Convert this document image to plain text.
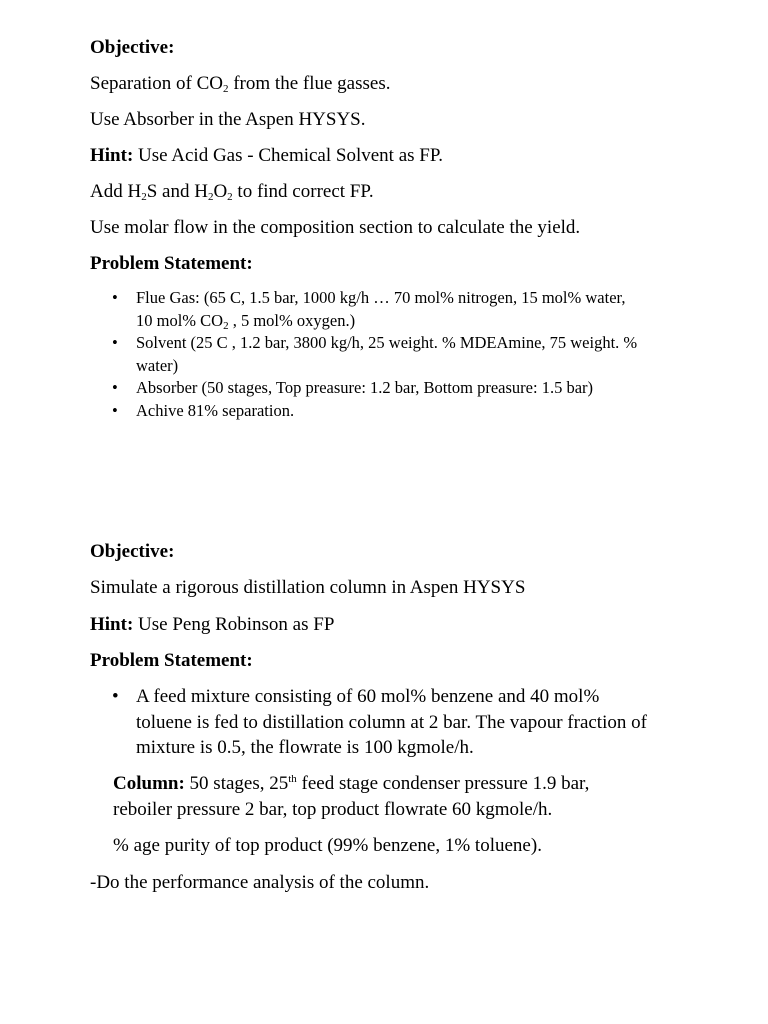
Objective:

Separation of $CO_2$ from the flue gasses.

Use Absorber in the Aspen HYSYS.

Hint: Use Acid Gas - Chemical Solvent as FP.

Add $H_2S$ and $H_2O_2$ to find correct FP.

Use molar flow in the composition section to calculate the yield.

Problem Statement:

• Flue Gas: (65 C, 1.5 bar, 1000 kg/h … 70 mol% nitrogen, 15 mol% water,
10 mol% $CO_2$ , 5 mol% oxygen.)
• Solvent (25 C , 1.2 bar, 3800 kg/h, 25 weight. % MDEAmine, 75 weight. %
water)
• Absorber (50 stages, Top preasure: 1.2 bar, Bottom preasure: 1.5 bar)
• Achive 81% separation.

Objective:

Simulate a rigorous distillation column in Aspen HYSYS

Hint: Use Peng Robinson as FP

Problem Statement:

• A feed mixture consisting of 60 mol% benzene and 40 mol%
toluene is fed to distillation column at 2 bar. The vapour fraction of
mixture is 0.5, the flowrate is 100 kgmole/h.

Column: 50 stages, 25th feed stage condenser pressure 1.9 bar,

reboiler pressure 2 bar, top product flowrate 60 kgmole/h.

% age purity of top product (99% benzene, 1% toluene).

-Do the performance analysis of the column.
